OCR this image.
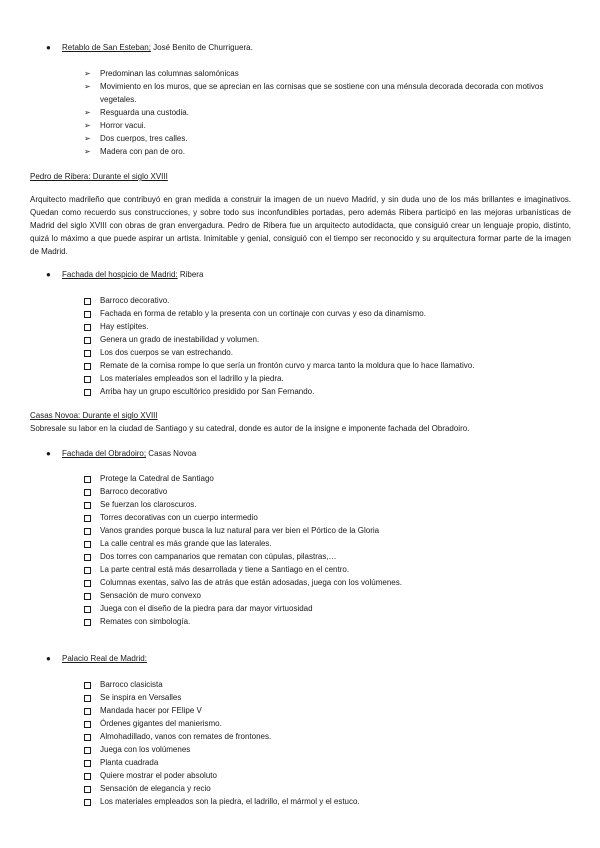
● Retablo de San Esteban; José Benito de Churriguera.
➢ Predominan las columnas salomónicas
➢ Movimiento en los muros, que se aprecian en las cornisas que se sostiene con una ménsula decorada decorada con motivos vegetales.
➢ Resguarda una custodia.
➢ Horror vacui.
➢ Dos cuerpos, tres calles.
➢ Madera con pan de oro.
Pedro de Ribera: Durante el siglo XVIII
Arquitecto madrileño que contribuyó en gran medida a construir la imagen de un nuevo Madrid, y sin duda uno de los más brillantes e imaginativos. Quedan como recuerdo sus construcciones, y sobre todo sus inconfundibles portadas, pero además Ribera participó en las mejoras urbanísticas de Madrid del siglo XVIII con obras de gran envergadura. Pedro de Ribera fue un arquitecto autodidacta, que consiguió crear un lenguaje propio, distinto, quizá lo máximo a que puede aspirar un artista. Inimitable y genial, consiguió con el tiempo ser reconocido y su arquitectura formar parte de la imagen de Madrid.
● Fachada del hospicio de Madrid: Ribera
Barroco decorativo.
Fachada en forma de retablo y la presenta con un cortinaje con curvas y eso da dinamismo.
Hay estípites.
Genera un grado de inestabilidad y volumen.
Los dos cuerpos se van estrechando.
Remate de la cornisa rompe lo que sería un frontón curvo y marca tanto la moldura que lo hace llamativo.
Los materiales empleados son el ladrillo y la piedra.
Arriba hay un grupo escultórico presidido por San Fernando.
Casas Novoa: Durante el siglo XVIII
Sobresale su labor en la ciudad de Santiago y su catedral, donde es autor de la insigne e imponente fachada del Obradoiro.
● Fachada del Obradoiro; Casas Novoa
Protege la Catedral de Santiago
Barroco decorativo
Se fuerzan los claroscuros.
Torres decorativas con un cuerpo intermedio
Vanos grandes porque busca la luz natural para ver bien el Pórtico de la Gloria
La calle central es más grande que las laterales.
Dos torres con campanarios que rematan con cúpulas, pilastras,…
La parte central está más desarrollada y tiene a Santiago en el centro.
Columnas exentas, salvo las de atrás que están adosadas, juega con los volúmenes.
Sensación de muro convexo
Juega con el diseño de la piedra para dar mayor virtuosidad
Remates con simbología.
● Palacio Real de Madrid:
Barroco clasicista
Se inspira en Versalles
Mandada hacer por FElipe V
Órdenes gigantes del manierismo.
Almohadillado, vanos con remates de frontones.
Juega con los volúmenes
Planta cuadrada
Quiere mostrar el poder absoluto
Sensación de elegancia y recio
Los materiales empleados son la piedra, el ladrillo, el mármol y el estuco.
